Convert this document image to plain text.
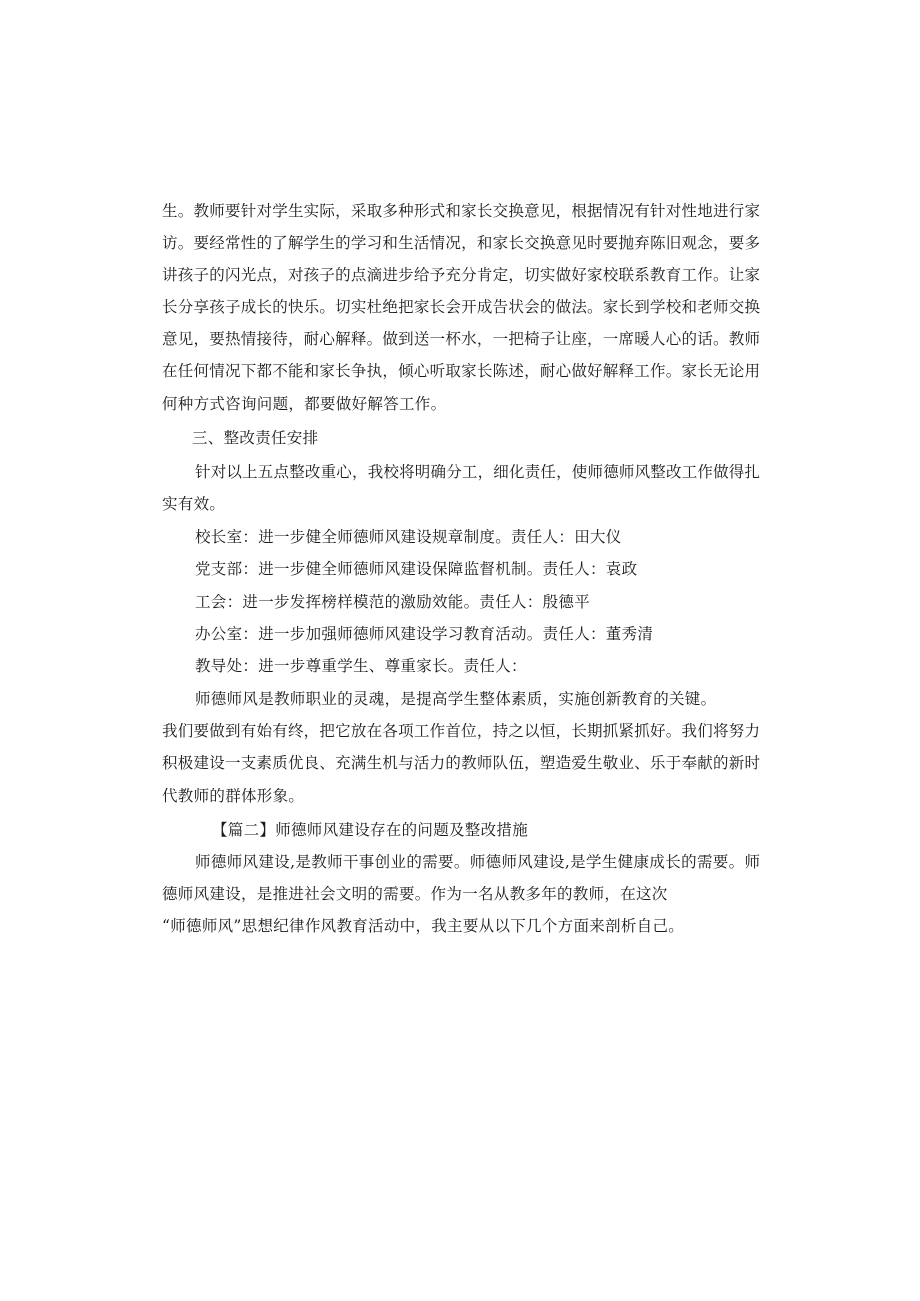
生。教师要针对学生实际，采取多种形式和家长交换意见，根据情况有针对性地进行家
访。要经常性的了解学生的学习和生活情况，和家长交换意见时要抛弃陈旧观念，要多
讲孩子的闪光点，对孩子的点滴进步给予充分肯定，切实做好家校联系教育工作。让家
长分享孩子成长的快乐。切实杜绝把家长会开成告状会的做法。家长到学校和老师交换
意见，要热情接待，耐心解释。做到送一杯水，一把椅子让座，一席暖人心的话。教师
在任何情况下都不能和家长争执，倾心听取家长陈述，耐心做好解释工作。家长无论用
何种方式咨询问题，都要做好解答工作。
三、整改责任安排
针对以上五点整改重心，我校将明确分工，细化责任，使师德师风整改工作做得扎
实有效。
校长室：进一步健全师德师风建设规章制度。责任人：田大仪
党支部：进一步健全师德师风建设保障监督机制。责任人：袁政
工会：进一步发挥榜样模范的激励效能。责任人：殷德平
办公室：进一步加强师德师风建设学习教育活动。责任人：董秀清
教导处：进一步尊重学生、尊重家长。责任人：
师德师风是教师职业的灵魂，是提高学生整体素质，实施创新教育的关键。
我们要做到有始有终，把它放在各项工作首位，持之以恒，长期抓紧抓好。我们将努力
积极建设一支素质优良、充满生机与活力的教师队伍，塑造爱生敬业、乐于奉献的新时
代教师的群体形象。
【篇二】师德师风建设存在的问题及整改措施
师德师风建设,是教师干事创业的需要。师德师风建设,是学生健康成长的需要。师
德师风建设，是推进社会文明的需要。作为一名从教多年的教师，在这次
“师德师风”思想纪律作风教育活动中，我主要从以下几个方面来剖析自己。
